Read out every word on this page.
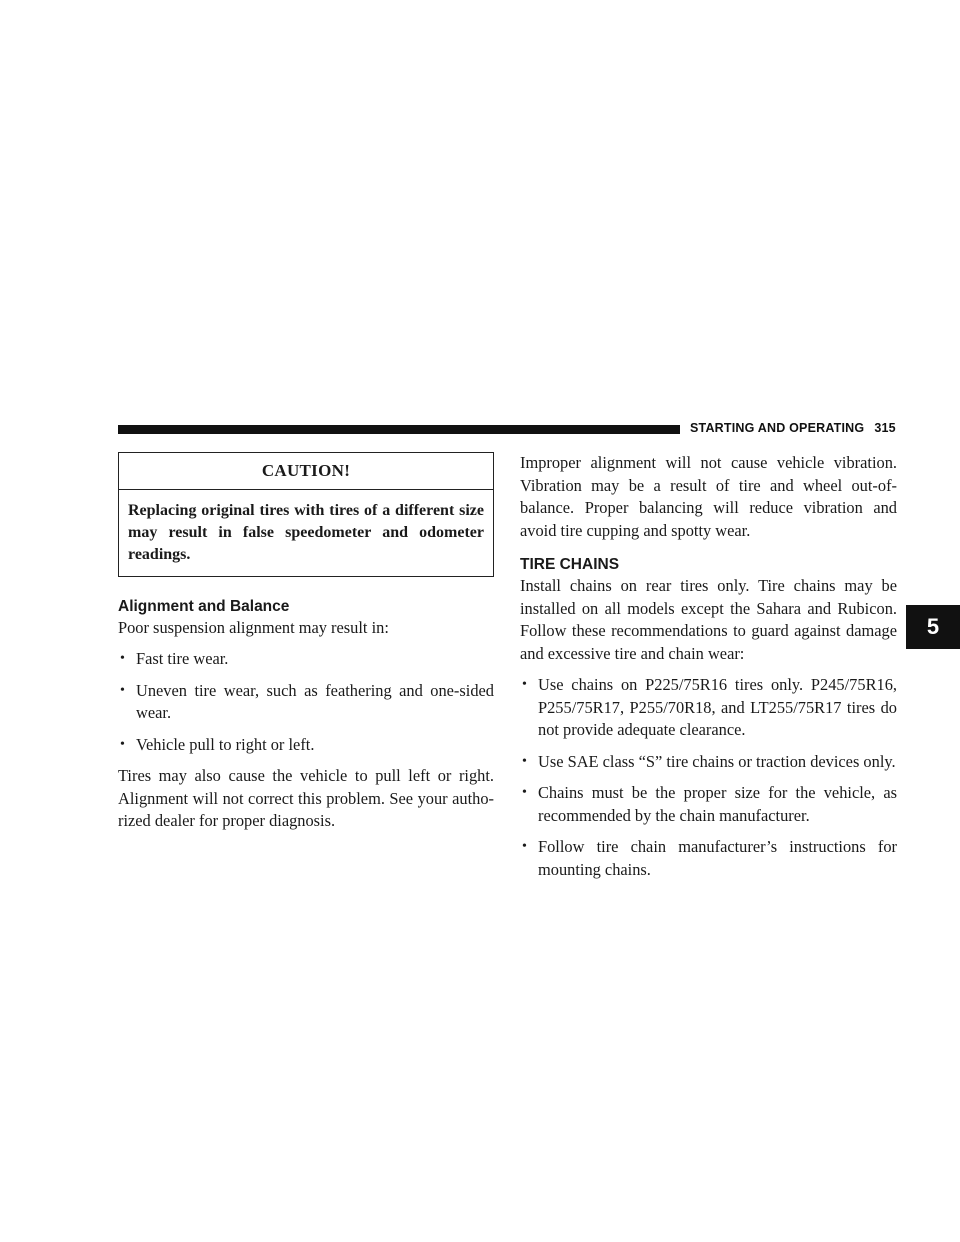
STARTING AND OPERATING 315
5
CAUTION!
Replacing original tires with tires of a different size may result in false speedometer and odometer readings.
Alignment and Balance

Poor suspension alignment may result in:

• Fast tire wear.
• Uneven tire wear, such as feathering and one-sided wear.
• Vehicle pull to right or left.

Tires may also cause the vehicle to pull left or right. Alignment will not correct this problem. See your autho-rized dealer for proper diagnosis.

Improper alignment will not cause vehicle vibration. Vibration may be a result of tire and wheel out-of-balance. Proper balancing will reduce vibration and avoid tire cupping and spotty wear.

TIRE CHAINS

Install chains on rear tires only. Tire chains may be installed on all models except the Sahara and Rubicon. Follow these recommendations to guard against damage and excessive tire and chain wear:

• Use chains on P225/75R16 tires only. P245/75R16, P255/75R17, P255/70R18, and LT255/75R17 tires do not provide adequate clearance.
• Use SAE class “S” tire chains or traction devices only.
• Chains must be the proper size for the vehicle, as recommended by the chain manufacturer.
• Follow tire chain manufacturer’s instructions for mounting chains.
